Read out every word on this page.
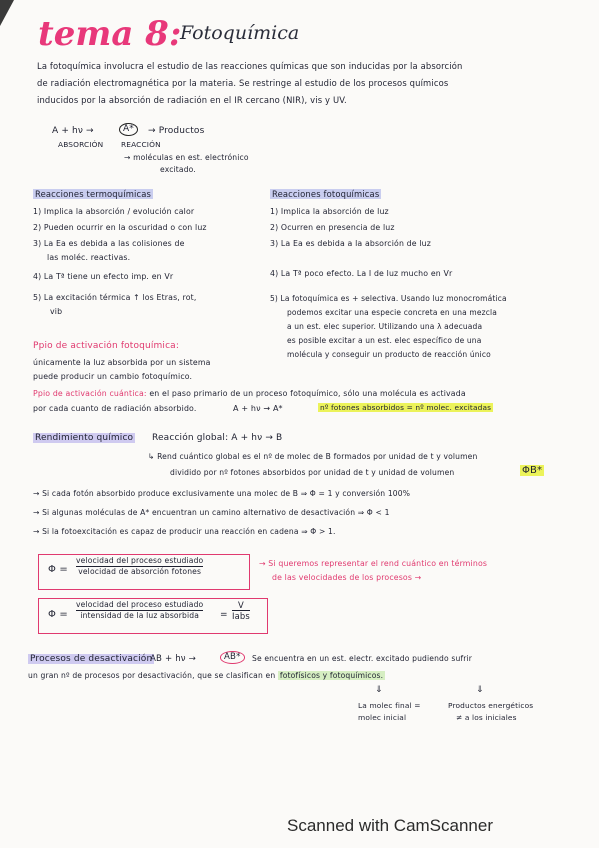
tema 8:
Fotoquímica
La fotoquímica involucra el estudio de las reacciones químicas que son inducidas por la absorción
de radiación electromagnética por la materia. Se restringe al estudio de los procesos químicos
inducidos por la absorción de radiación en el IR cercano (NIR), vis y UV.
A + hν →	A*	→ Productos
ABSORCIÓN REACCIÓN
→ moléculas en est. electrónico
excitado.
Reacciones termoquímicas
1) Implica la absorción / evolución calor
2) Pueden ocurrir en la oscuridad o con luz
3) La Ea es debida a las colisiones de
las moléc. reactivas.
4) La Tª tiene un efecto imp. en Vr
5) La excitación térmica ↑ los Etras, rot,
vib
Reacciones fotoquímicas
1) Implica la absorción de luz
2) Ocurren en presencia de luz
3) La Ea es debida a la absorción de luz
4) La Tª poco efecto. La I de luz mucho en Vr
5) La fotoquímica es + selectiva. Usando luz monocromática
podemos excitar una especie concreta en una mezcla
a un est. elec superior. Utilizando una λ adecuada
es posible excitar a un est. elec específico de una
molécula y conseguir un producto de reacción único
Ppio de activación fotoquímica:
únicamente la luz absorbida por un sistema
puede producir un cambio fotoquímico.
Ppio de activación cuántica: en el paso primario de un proceso fotoquímico, sólo una molécula es activada
por cada cuanto de radiación absorbido.	A + hν → A*	nº fotones absorbidos = nº molec. excitadas
Rendimiento químico Reacción global: A + hν → B
↳ Rend cuántico global es el nº de molec de B formados por unidad de t y volumen
dividido por nº fotones absorbidos por unidad de t y unidad de volumen	ΦB*
→ Si cada fotón absorbido produce exclusivamente una molec de B ⇒ Φ = 1 y conversión 100%
→ Si algunas moléculas de A* encuentran un camino alternativo de desactivación ⇒ Φ < 1
→ Si la fotoexcitación es capaz de producir una reacción en cadena ⇒ Φ > 1.
Φ =
velocidad del proceso estudiado
velocidad de absorción fotones
→ Si queremos representar el rend cuántico en términos
de las velocidades de los procesos →
Φ =
velocidad del proceso estudiado
intensidad de la luz absorbida	=
V
Iabs
Procesos de desactivación
AB + hν →	AB*	Se encuentra en un est. electr. excitado pudiendo sufrir
un gran nº de procesos por desactivación, que se clasifican en fotofísicos y fotoquímicos.
⇓	⇓
La molec final =
molec inicial
Productos energéticos
≠ a los iniciales
Scanned with CamScanner
